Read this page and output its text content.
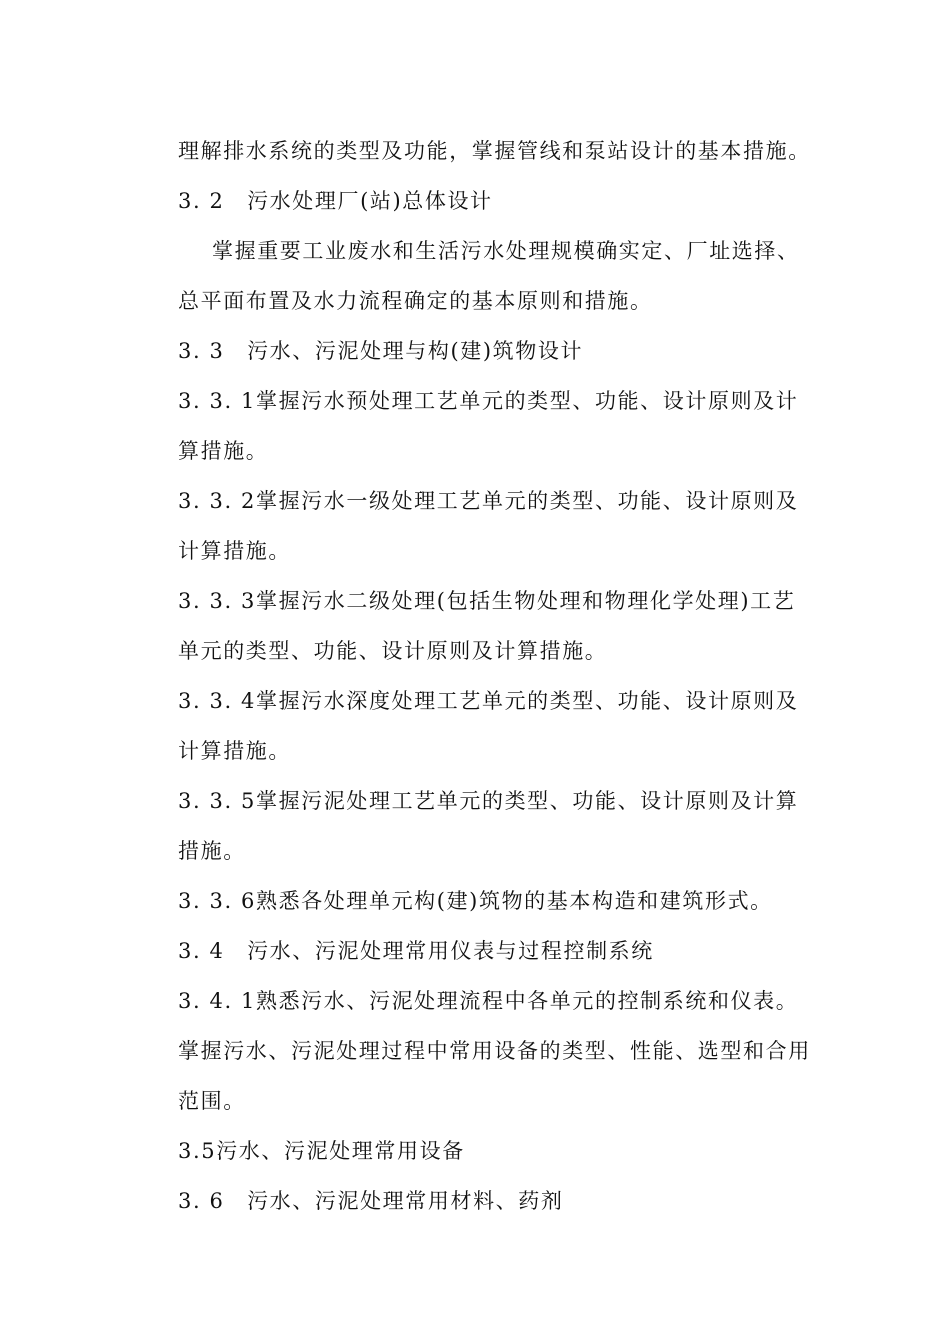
理解排水系统的类型及功能，掌握管线和泵站设计的基本措施。
3. 2　污水处理厂(站)总体设计
掌握重要工业废水和生活污水处理规模确实定、厂址选择、
总平面布置及水力流程确定的基本原则和措施。
3. 3　污水、污泥处理与构(建)筑物设计
3. 3. 1掌握污水预处理工艺单元的类型、功能、设计原则及计
算措施。
3. 3. 2掌握污水一级处理工艺单元的类型、功能、设计原则及
计算措施。
3. 3. 3掌握污水二级处理(包括生物处理和物理化学处理)工艺
单元的类型、功能、设计原则及计算措施。
3. 3. 4掌握污水深度处理工艺单元的类型、功能、设计原则及
计算措施。
3. 3. 5掌握污泥处理工艺单元的类型、功能、设计原则及计算
措施。
3. 3. 6熟悉各处理单元构(建)筑物的基本构造和建筑形式。
3. 4　污水、污泥处理常用仪表与过程控制系统
3. 4. 1熟悉污水、污泥处理流程中各单元的控制系统和仪表。
掌握污水、污泥处理过程中常用设备的类型、性能、选型和合用
范围。
3.5污水、污泥处理常用设备
3. 6　污水、污泥处理常用材料、药剂
